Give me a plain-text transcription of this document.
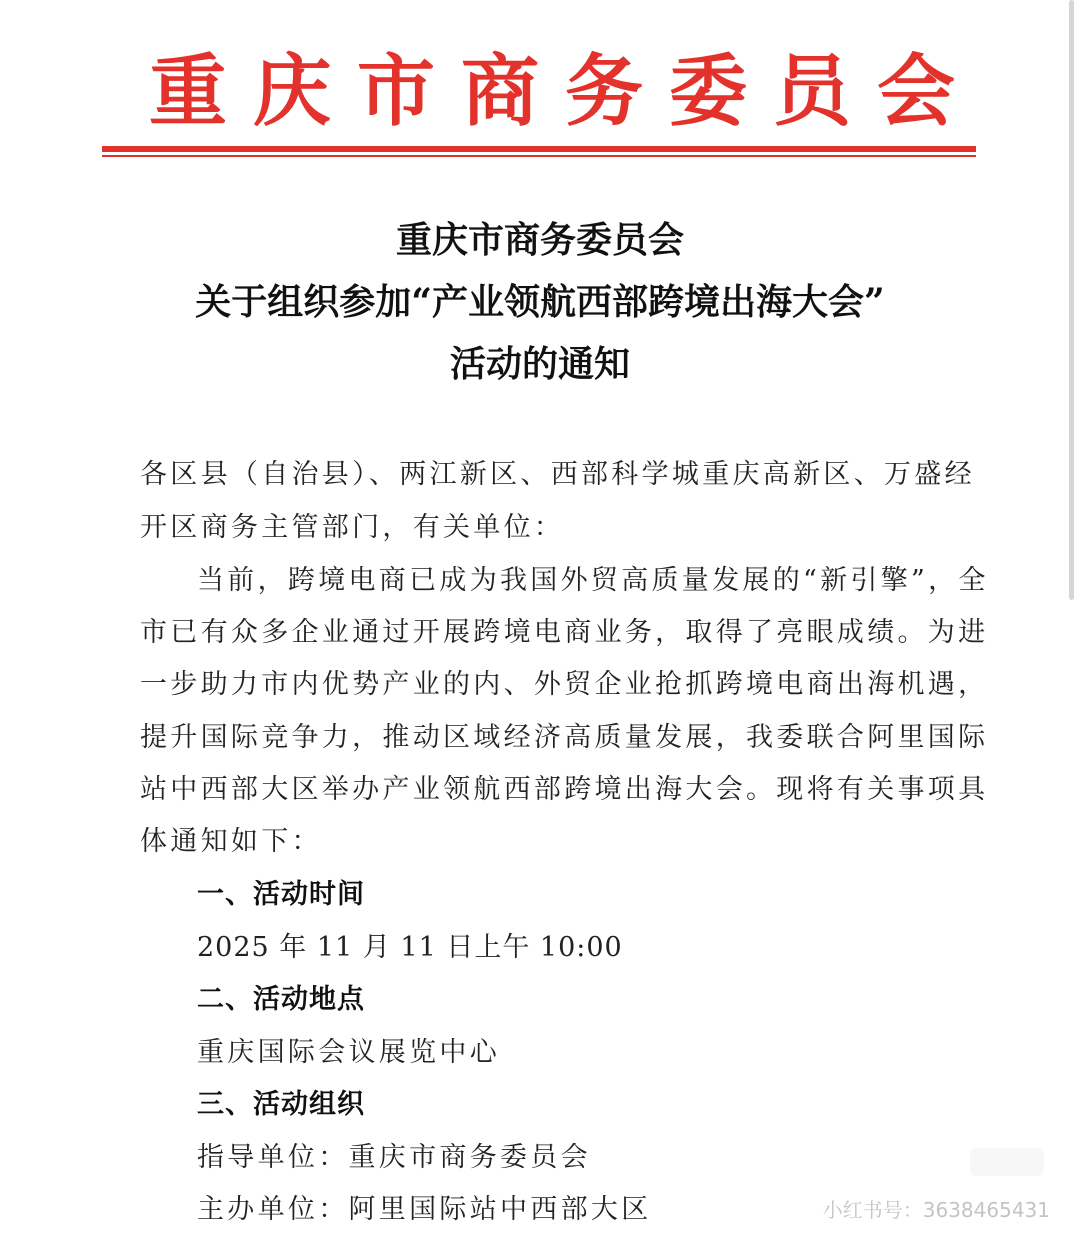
重庆市商务委员会
重庆市商务委员会
关于组织参加“产业领航西部跨境出海大会”
活动的通知
各区县（自治县）、两江新区、西部科学城重庆高新区、万盛经
开区商务主管部门，有关单位：
当前，跨境电商已成为我国外贸高质量发展的“新引擎”，全
市已有众多企业通过开展跨境电商业务，取得了亮眼成绩。为进
一步助力市内优势产业的内、外贸企业抢抓跨境电商出海机遇，
提升国际竞争力，推动区域经济高质量发展，我委联合阿里国际
站中西部大区举办产业领航西部跨境出海大会。现将有关事项具
体通知如下：
一、活动时间
2025 年 11 月 11 日上午 10:00
二、活动地点
重庆国际会议展览中心
三、活动组织
指导单位：重庆市商务委员会
主办单位：阿里国际站中西部大区	小红书号：3638465431
